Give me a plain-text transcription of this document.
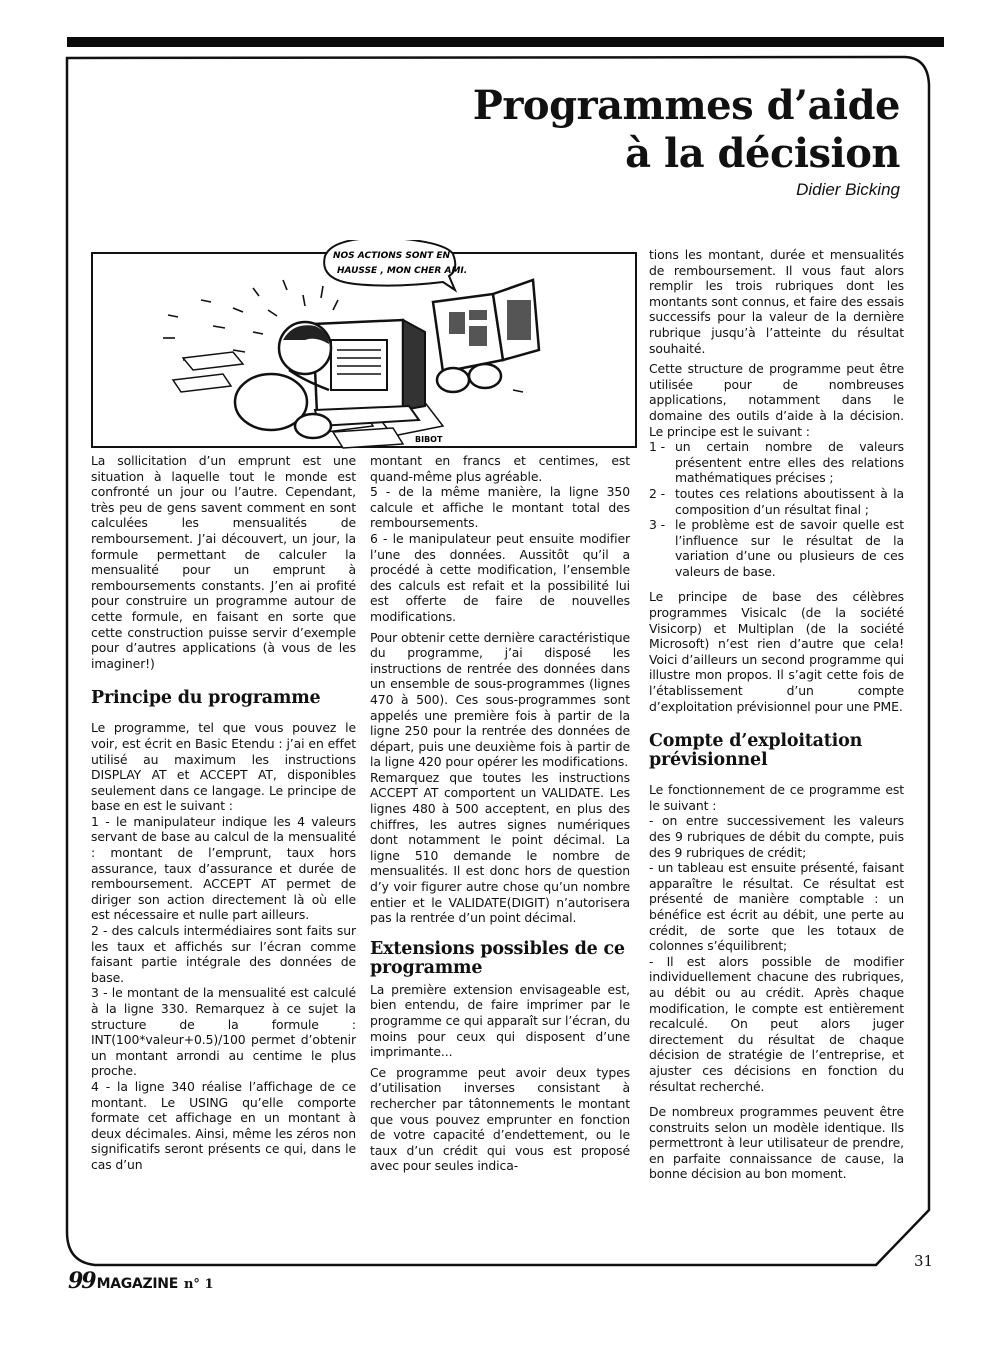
Programmes d’aide
à la décision
Didier Bicking
NOS ACTIONS SONT EN
HAUSSE , MON CHER AMI.
BIBOT

La sollicitation d’un emprunt est une situation à laquelle tout le monde est confronté un jour ou l’autre. Cependant, très peu de gens savent comment en sont calculées les mensualités de remboursement. J’ai découvert, un jour, la formule permettant de calculer la mensualité pour un emprunt à remboursements constants. J’en ai profité pour construire un programme autour de cette formule, en faisant en sorte que cette construction puisse servir d’exemple pour d’autres applications (à vous de les imaginer!)

Principe du programme

Le programme, tel que vous pouvez le voir, est écrit en Basic Etendu : j’ai en effet utilisé au maximum les instructions DISPLAY AT et ACCEPT AT, disponibles seulement dans ce langage. Le principe de base en est le suivant :

1 - le manipulateur indique les 4 valeurs servant de base au calcul de la mensualité : montant de l’emprunt, taux hors assurance, taux d’assurance et durée de remboursement. ACCEPT AT permet de diriger son action directement là où elle est nécessaire et nulle part ailleurs.

2 - des calculs intermédiaires sont faits sur les taux et affichés sur l’écran comme faisant partie intégrale des données de base.

3 - le montant de la mensualité est calculé à la ligne 330. Remarquez à ce sujet la structure de la formule : INT(100*valeur+0.5)/100 permet d’obtenir un montant arrondi au centime le plus proche.

4 - la ligne 340 réalise l’affichage de ce montant. Le USING qu’elle comporte formate cet affichage en un montant à deux décimales. Ainsi, même les zéros non significatifs seront présents ce qui, dans le cas d’un

montant en francs et centimes, est quand-même plus agréable.

5 - de la même manière, la ligne 350 calcule et affiche le montant total des remboursements.

6 - le manipulateur peut ensuite modifier l’une des données. Aussitôt qu’il a procédé à cette modification, l’ensemble des calculs est refait et la possibilité lui est offerte de faire de nouvelles modifications.

Pour obtenir cette dernière caractéristique du programme, j’ai disposé les instructions de rentrée des données dans un ensemble de sous-programmes (lignes 470 à 500). Ces sous-programmes sont appelés une première fois à partir de la ligne 250 pour la rentrée des données de départ, puis une deuxième fois à partir de la ligne 420 pour opérer les modifications.

Remarquez que toutes les instructions ACCEPT AT comportent un VALIDATE. Les lignes 480 à 500 acceptent, en plus des chiffres, les autres signes numériques dont notamment le point décimal. La ligne 510 demande le nombre de mensualités. Il est donc hors de question d’y voir figurer autre chose qu’un nombre entier et le VALIDATE(DIGIT) n’autorisera pas la rentrée d’un point décimal.

Extensions possibles de ce programme

La première extension envisageable est, bien entendu, de faire imprimer par le programme ce qui apparaît sur l’écran, du moins pour ceux qui disposent d’une imprimante...

Ce programme peut avoir deux types d’utilisation inverses consistant à rechercher par tâtonnements le montant que vous pouvez emprunter en fonction de votre capacité d’endettement, ou le taux d’un crédit qui vous est proposé avec pour seules indica-

tions les montant, durée et mensualités de remboursement. Il vous faut alors remplir les trois rubriques dont les montants sont connus, et faire des essais successifs pour la valeur de la dernière rubrique jusqu’à l’atteinte du résultat souhaité.

Cette structure de programme peut être utilisée pour de nombreuses applications, notamment dans le domaine des outils d’aide à la décision. Le principe est le suivant :

1 - un certain nombre de valeurs présentent entre elles des relations mathématiques précises ;
2 - toutes ces relations aboutissent à la composition d’un résultat final ;
3 - le problème est de savoir quelle est l’influence sur le résultat de la variation d’une ou plusieurs de ces valeurs de base.

Le principe de base des célèbres programmes Visicalc (de la société Visicorp) et Multiplan (de la société Microsoft) n’est rien d’autre que cela! Voici d’ailleurs un second programme qui illustre mon propos. Il s’agit cette fois de l’établissement d’un compte d’exploitation prévisionnel pour une PME.

Compte d’exploitation prévisionnel

Le fonctionnement de ce programme est le suivant :

- on entre successivement les valeurs des 9 rubriques de débit du compte, puis des 9 rubriques de crédit;

- un tableau est ensuite présenté, faisant apparaître le résultat. Ce résultat est présenté de manière comptable : un bénéfice est écrit au débit, une perte au crédit, de sorte que les totaux de colonnes s’équilibrent;

- Il est alors possible de modifier individuellement chacune des rubriques, au débit ou au crédit. Après chaque modification, le compte est entièrement recalculé. On peut alors juger directement du résultat de chaque décision de stratégie de l’entreprise, et ajuster ces décisions en fonction du résultat recherché.

De nombreux programmes peuvent être construits selon un modèle identique. Ils permettront à leur utilisateur de prendre, en parfaite connaissance de cause, la bonne décision au bon moment.

31
99 MAGAZINE n° 1
